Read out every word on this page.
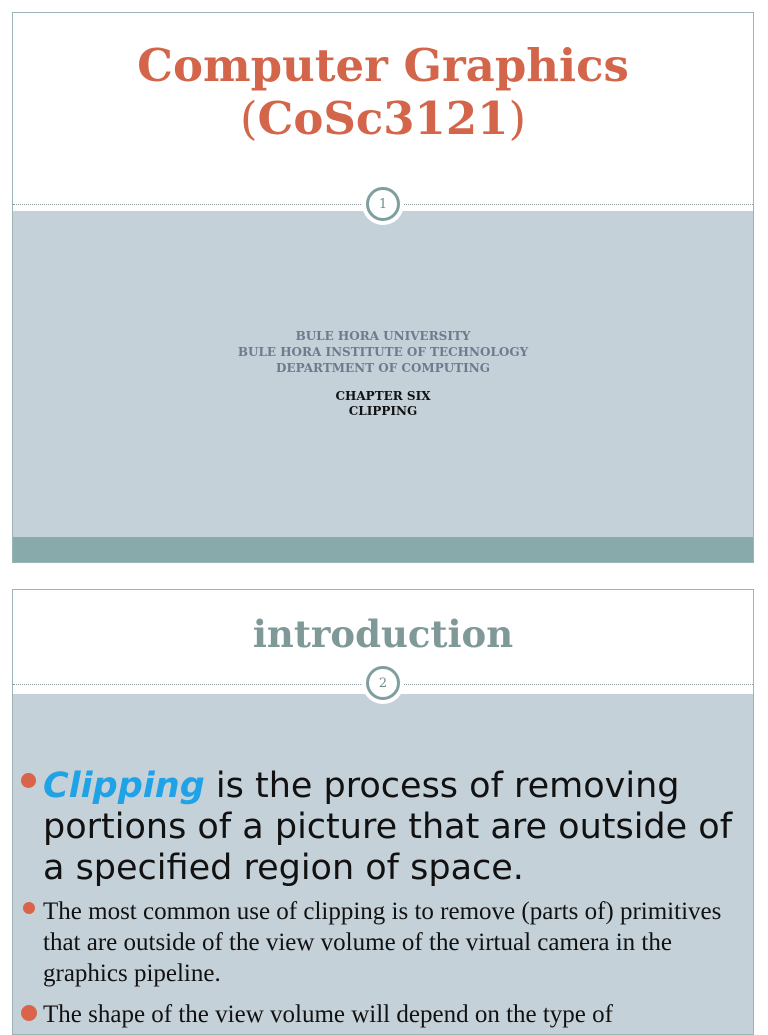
Computer Graphics
(CoSc3121)
BULE HORA UNIVERSITY
BULE HORA INSTITUTE OF TECHNOLOGY
DEPARTMENT OF COMPUTING
CHAPTER SIX
CLIPPING
1
introduction
Clipping is the process of removing portions of a picture that are outside of a specified region of space.
The most common use of clipping is to remove (parts of) primitives that are outside of the view volume of the virtual camera in the graphics pipeline.
The shape of the view volume will depend on the type of
2
